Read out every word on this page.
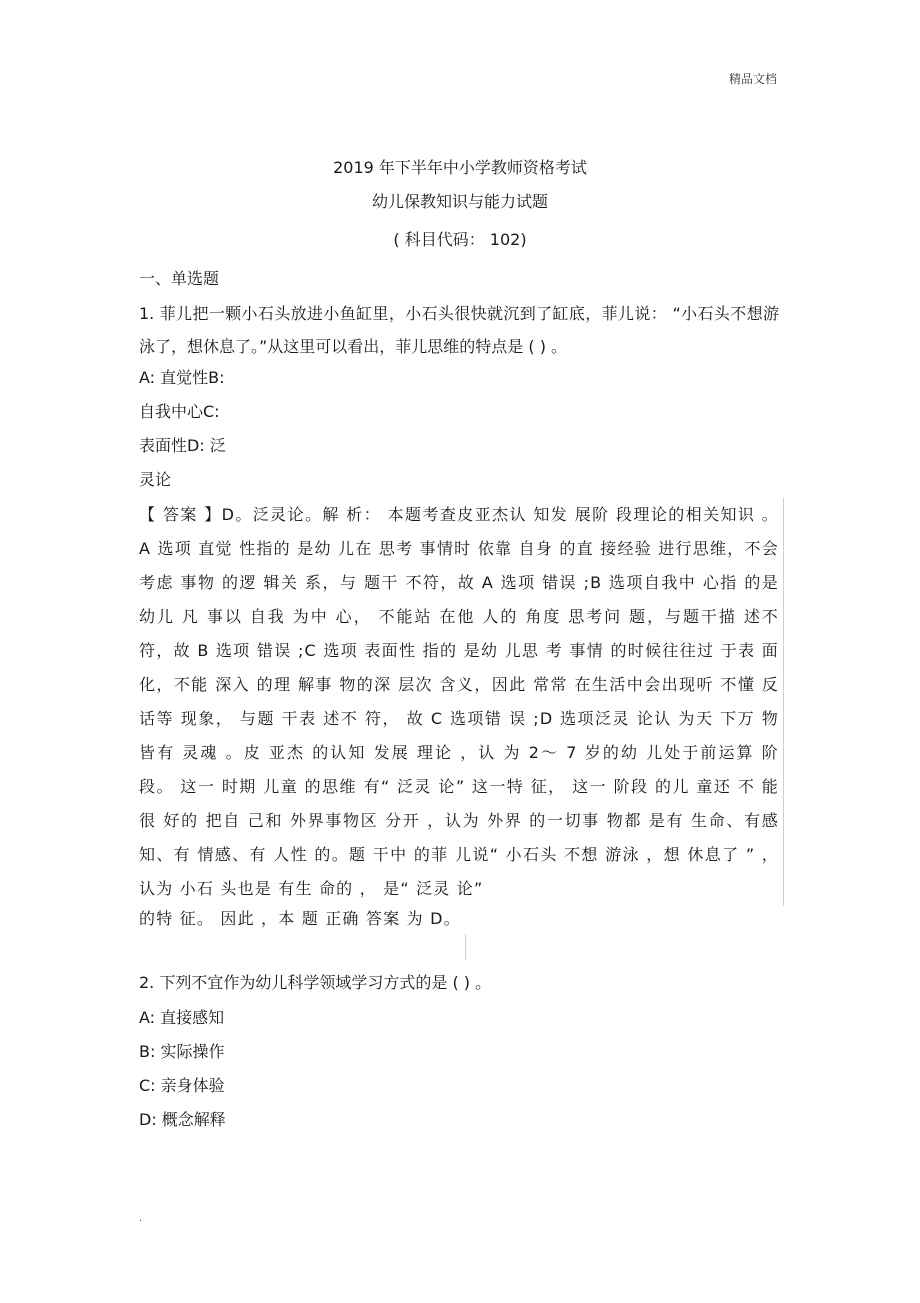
精品文档
2019 年下半年中小学教师资格考试
幼儿保教知识与能力试题
( 科目代码： 102)
一、单选题
1. 菲儿把一颗小石头放进小鱼缸里，小石头很快就沉到了缸底，菲儿说： “小石头不想游泳了，想休息了。”从这里可以看出，菲儿思维的特点是 ( ) 。
A: 直觉性B:
自我中心C:
表面性D: 泛
灵论
【 答案 】D。泛灵论。解 析： 本题考查皮亚杰认 知发 展阶 段理论的相关知识 。 A 选项 直觉 性指的 是幼 儿在 思考 事情时 依靠 自身 的直 接经验 进行思维，不会 考虑 事物 的逻 辑关 系，与 题干 不符，故 A 选项 错误 ;B 选项自我中 心指 的是 幼儿 凡 事以 自我 为中 心， 不能站 在他 人的 角度 思考问 题，与题干描 述不 符，故 B 选项 错误 ;C 选项 表面性 指的 是幼 儿思 考 事情 的时候往往过 于表 面化，不能 深入 的理 解事 物的深 层次 含义，因此 常常 在生活中会出现听 不懂 反 话等 现象， 与题 干表 述不 符， 故 C 选项错 误 ;D 选项泛灵 论认 为天 下万 物 皆有 灵魂 。皮 亚杰 的认知 发展 理论 ，认 为 2～ 7 岁的幼 儿处于前运算 阶 段。 这一 时期 儿童 的思维 有“ 泛灵 论” 这一特 征， 这一 阶段 的儿 童还 不 能很 好的 把自 己和 外界事物区 分开 ，认为 外界 的一切事 物都 是有 生命、有感 知、有 情感、有 人性 的。题 干中 的菲 儿说“ 小石头 不想 游泳 ，想 休息了 ” ， 认为 小石 头也是 有生 命的 ， 是“ 泛灵 论”
的特 征。 因此 ，本 题 正确 答案 为 D。
2. 下列不宜作为幼儿科学领域学习方式的是 ( ) 。
A: 直接感知
B: 实际操作
C: 亲身体验
D: 概念解释
.
